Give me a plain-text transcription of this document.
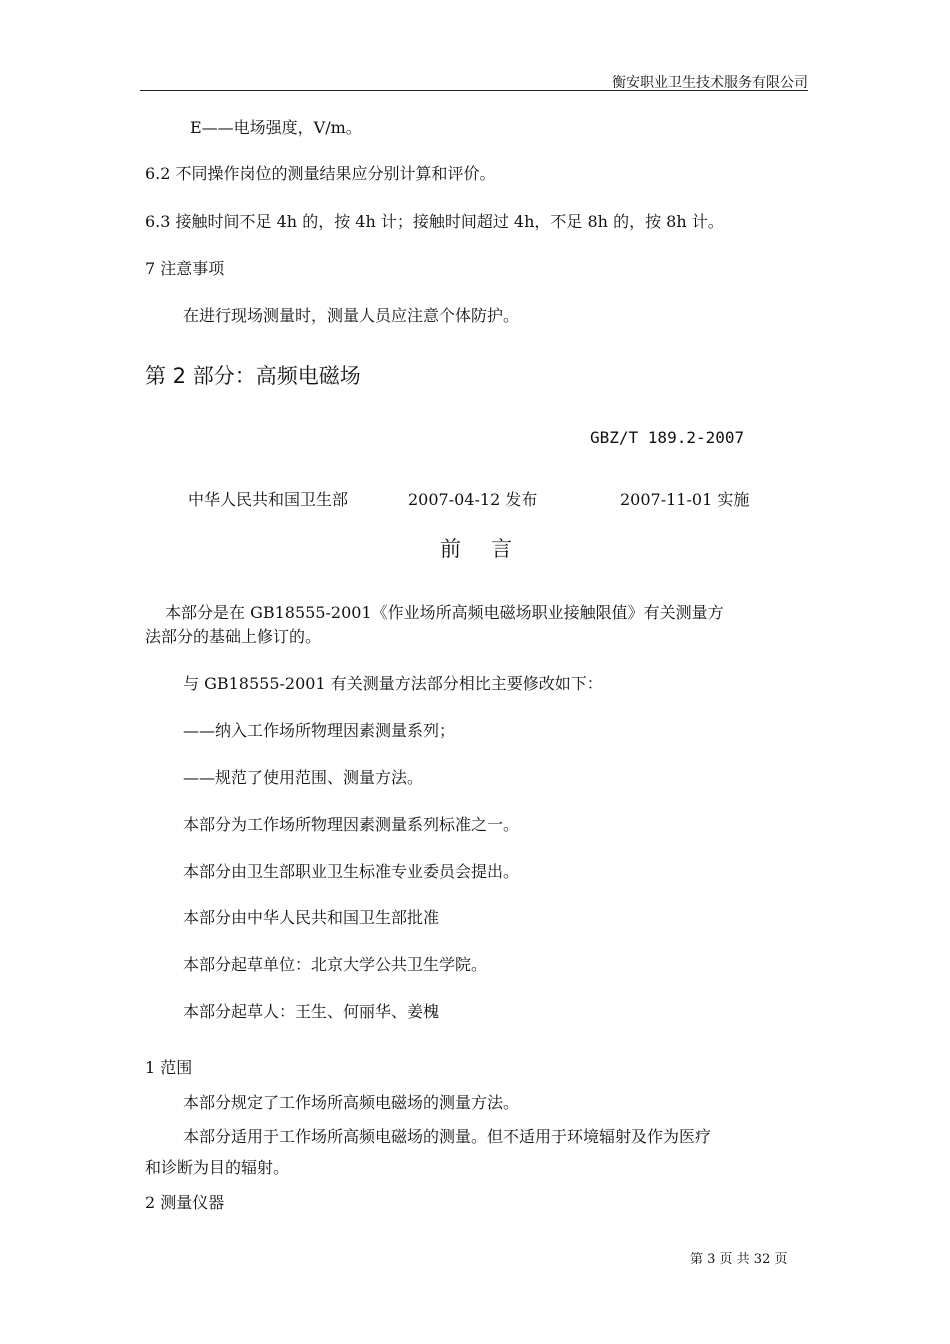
衡安职业卫生技术服务有限公司
E——电场强度，V/m。
6.2 不同操作岗位的测量结果应分别计算和评价。
6.3 接触时间不足 4h 的，按 4h 计；接触时间超过 4h，不足 8h 的，按 8h 计。
7 注意事项
在进行现场测量时，测量人员应注意个体防护。
第 2 部分：高频电磁场
GBZ/T 189.2-2007
中华人民共和国卫生部	2007-04-12 发布	2007-11-01 实施
前言
本部分是在 GB18555-2001《作业场所高频电磁场职业接触限值》有关测量方
法部分的基础上修订的。
与 GB18555-2001 有关测量方法部分相比主要修改如下：
——纳入工作场所物理因素测量系列；
——规范了使用范围、测量方法。
本部分为工作场所物理因素测量系列标准之一。
本部分由卫生部职业卫生标准专业委员会提出。
本部分由中华人民共和国卫生部批准
本部分起草单位：北京大学公共卫生学院。
本部分起草人：王生、何丽华、姜槐
1 范围
本部分规定了工作场所高频电磁场的测量方法。
本部分适用于工作场所高频电磁场的测量。但不适用于环境辐射及作为医疗
和诊断为目的辐射。
2 测量仪器
第 3 页 共 32 页
